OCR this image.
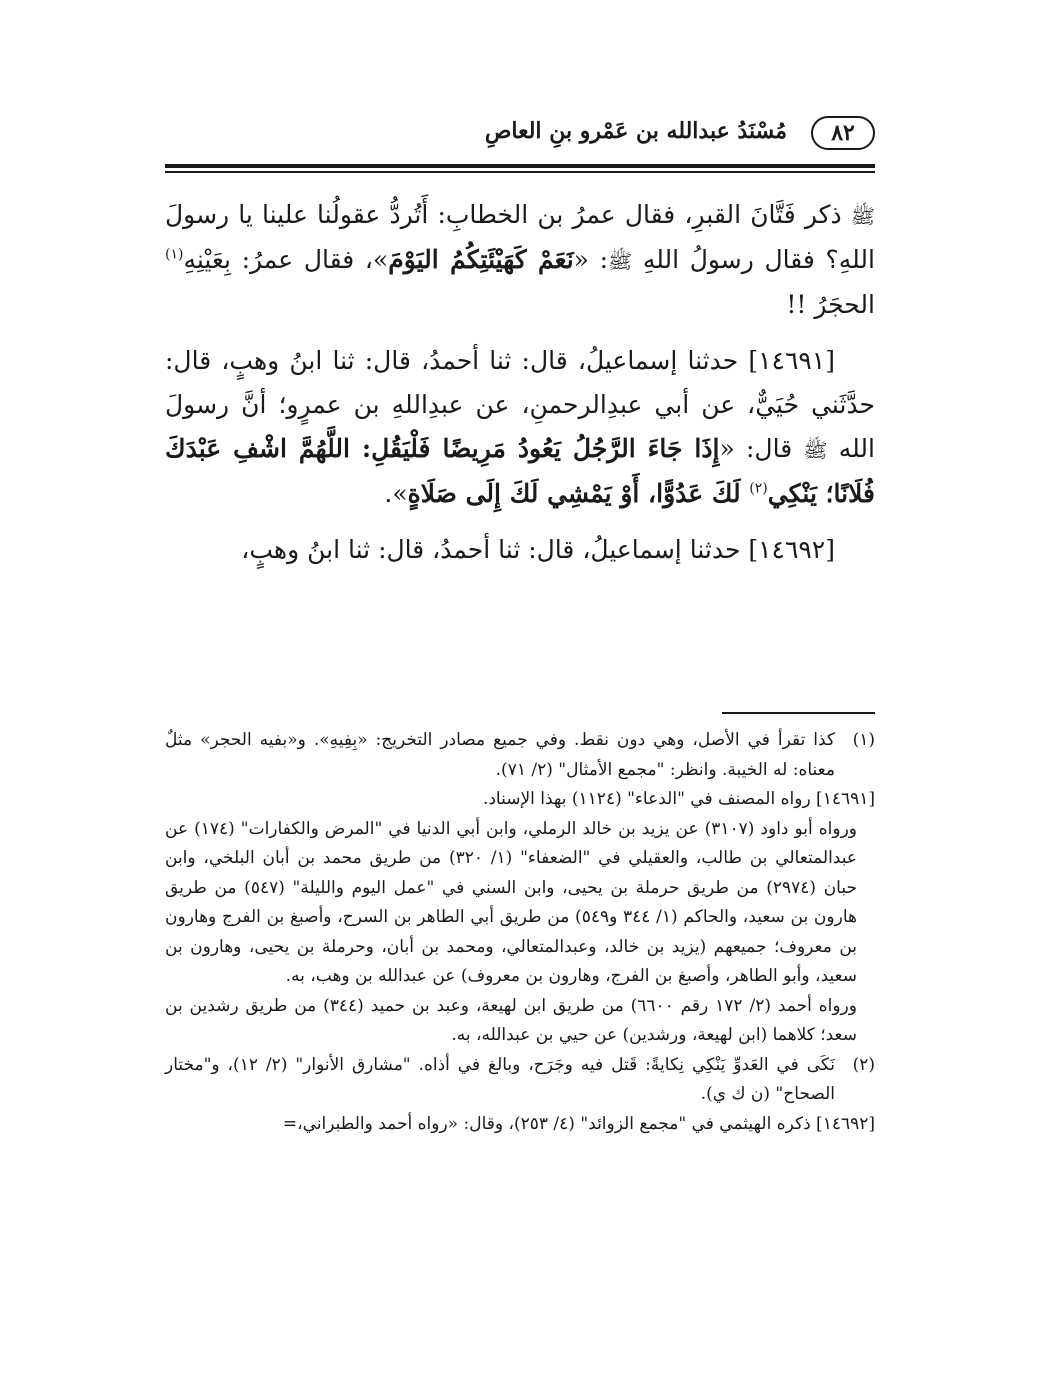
٨٢
مُسْنَدُ عبدالله بن عَمْرو بنِ العاصِ

ﷺ ذكر فَتَّانَ القبرِ، فقال عمرُ بن الخطابِ: أَتُردُّ عقولُنا علينا يا رسولَ اللهِ؟ فقال رسولُ اللهِ ﷺ: «نَعَمْ كَهَيْئَتِكُمُ اليَوْمَ»، فقال عمرُ: بِعَيْنِهِ$^{(١)}$ الحجَرُ !!

[١٤٦٩١] حدثنا إسماعيلُ، قال: ثنا أحمدُ، قال: ثنا ابنُ وهبٍ، قال: حدَّثَني حُيَيٌّ، عن أبي عبدِالرحمنِ، عن عبدِاللهِ بن عمرٍو؛ أنَّ رسولَ الله ﷺ قال: «إِذَا جَاءَ الرَّجُلُ يَعُودُ مَرِيضًا فَلْيَقُلِ: اللَّهُمَّ اشْفِ عَبْدَكَ فُلَانًا؛ يَنْكِي$^{(٢)}$ لَكَ عَدُوًّا، أَوْ يَمْشِي لَكَ إِلَى صَلَاةٍ».

[١٤٦٩٢] حدثنا إسماعيلُ، قال: ثنا أحمدُ، قال: ثنا ابنُ وهبٍ،

(١)
كذا تقرأ في الأصل، وهي دون نقط. وفي جميع مصادر التخريج: «بِفِيهِ». و«بفيه الحجر» مثلٌ معناه: له الخيبة. وانظر: "مجمع الأمثال" (٢/ ٧١).

[١٤٦٩١] رواه المصنف في "الدعاء" (١١٢٤) بهذا الإسناد.

ورواه أبو داود (٣١٠٧) عن يزيد بن خالد الرملي، وابن أبي الدنيا في "المرض والكفارات" (١٧٤) عن عبدالمتعالي بن طالب، والعقيلي في "الضعفاء" (١/ ٣٢٠) من طريق محمد بن أبان البلخي، وابن حبان (٢٩٧٤) من طريق حرملة بن يحيى، وابن السني في "عمل اليوم والليلة" (٥٤٧) من طريق هارون بن سعيد، والحاكم (١/ ٣٤٤ و٥٤٩) من طريق أبي الطاهر بن السرح، وأصبغ بن الفرج وهارون بن معروف؛ جميعهم (يزيد بن خالد، وعبدالمتعالي، ومحمد بن أبان، وحرملة بن يحيى، وهارون بن سعيد، وأبو الطاهر، وأصبغ بن الفرج، وهارون بن معروف) عن عبدالله بن وهب، به.

ورواه أحمد (٢/ ١٧٢ رقم ٦٦٠٠) من طريق ابن لهيعة، وعبد بن حميد (٣٤٤) من طريق رشدين بن سعد؛ كلاهما (ابن لهيعة، ورشدين) عن حيي بن عبدالله، به.

(٢)
نَكَى في العَدوِّ يَنْكِي نِكايةً: قَتل فيه وجَرَح، وبالغ في أذاه. "مشارق الأنوار" (٢/ ١٢)، و"مختار الصحاح" (ن ك ي).

[١٤٦٩٢] ذكره الهيثمي في "مجمع الزوائد" (٤/ ٢٥٣)، وقال: «رواه أحمد والطبراني،=
